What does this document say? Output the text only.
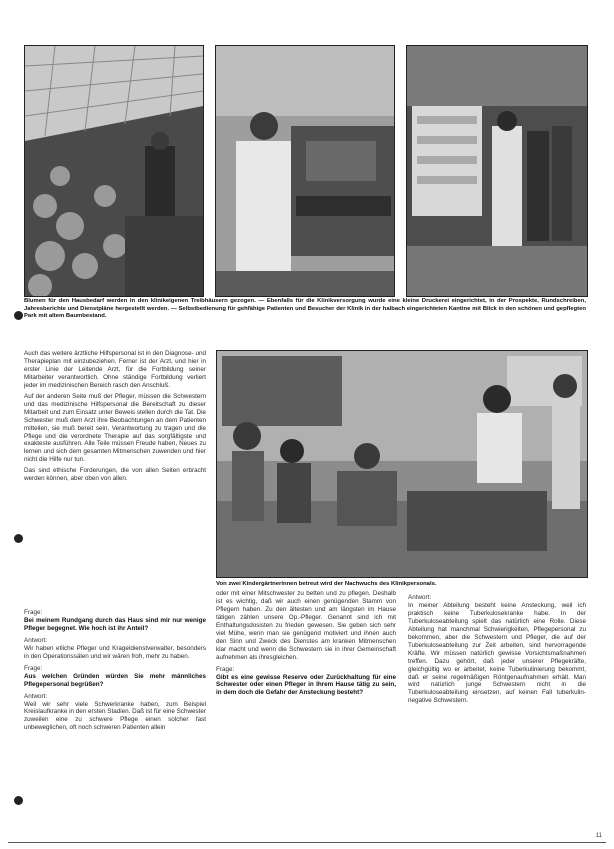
Blumen für den Hausbedarf werden in den klinikeigenen Treibhäusern gezogen. — Ebenfalls für die Klinikversorgung wurde eine kleine Druckerei eingerichtet, in der Prospekte, Rundschreiben, Jahresberichte und Dienstpläne hergestellt werden. — Selbstbedienung für gehfähige Patienten und Besucher der Klinik in der halbach eingerichteten Kantine mit Blick in den schönen und gepflegten Park mit altem Baumbestand.

Auch das weitere ärztliche Hilfspersonal ist in den Diagnose- und Therapieplan mit einzubeziehen. Ferner ist der Arzt, und hier in erster Linie der Leitende Arzt, für die Fortbildung seiner Mitarbeiter verantwortlich. Ohne ständige Fortbildung verliert jeder im medizinischen Bereich rasch den Anschluß.

Auf der anderen Seite muß der Pfleger, müssen die Schwestern und das medizinische Hilfspersonal die Bereitschaft zu dieser Mitarbeit und zum Einsatz unter Beweis stellen durch die Tat. Die Schwester muß dem Arzt ihre Beobachtungen an dem Patienten mitteilen, sie muß bereit sein, Verantwortung zu tragen und die Pflege und die verordnete Therapie auf das sorgfältigste und exakteste ausführen. Alle Teile müssen Freude haben, Neues zu lernen und sich dem gesamten Mitmenschen zuwenden und hier nicht die Hilfe nur tun.

Das sind ethische Forderungen, die von allen Seiten erbracht werden können, aber oben von allen.

Von zwei Kindergärtnerinnen betreut wird der Nachwuchs des Klinikpersonals.
Frage:
Bei meinem Rundgang durch das Haus sind mir nur wenige Pfleger begegnet. Wie hoch ist ihr Anteil?
Antwort:
Wir haben etliche Pfleger und Krageldienstverwalter, besonders in den Operationssälen und wir wären froh, mehr zu haben.
Frage:
Aus welchen Gründen würden Sie mehr männliches Pflegepersonal begrüßen?
Antwort:
Weil wir sehr viele Schwerkranke haben, zum Beispiel Kreislaufkranke in den ersten Stadien. Daß ist für eine Schwester zuweilen eine zu schwere Pflege einen solcher fast unbeweglichen, oft noch schweren Patienten allein
oder mit einer Mitschwester zu betten und zu pflegen. Deshalb ist es wichtig, daß wir auch einen genügenden Stamm von Pflegern haben. Zu den ältesten und am längsten im Hause tätigen zählen unsere Op.-Pfleger. Genannt sind ich mit Enthaltungsdosisten zu frieden gewesen. Sie geben sich sehr viel Mühe, wenn man sie genügend motiviert und ihnen auch den Sinn und Zweck des Dienstes am kranken Mitmenschen klar macht und wenn die Schwestern sie in ihrer Gemeinschaft aufnehmen als ihresgleichen.
Frage:
Gibt es eine gewisse Reserve oder Zurückhaltung für eine Schwester oder einen Pfleger in Ihrem Hause tätig zu sein, in dem doch die Gefahr der Ansteckung besteht?
Antwort:
In meiner Abteilung besteht keine Ansteckung, weil ich praktisch keine Tuberkulosekranke habe. In der Tuberkuloseabteilung spielt das natürlich eine Rolle. Diese Abteilung hat manchmal Schwierigkeiten, Pflegepersonal zu bekommen, aber die Schwestern und Pfleger, die auf der Tuberkuloseabteilung zur Zeit arbeiten, sind hervorragende Kräfte. Wir müssen natürlich gewisse Vorsichtsmaßnahmen treffen. Dazu gehört, daß jeder unserer Pflegekräfte, gleichgültig wo er arbeitet, keine Tuberkulinierung bekommt, daß er seine regelmäßigen Röntgenaufnahmen erhält. Man wird natürlich junge Schwestern nicht in die Tuberkuloseabteilung einsetzen, auf keinen Fall tuberkulin-negative Schwestern.
11
